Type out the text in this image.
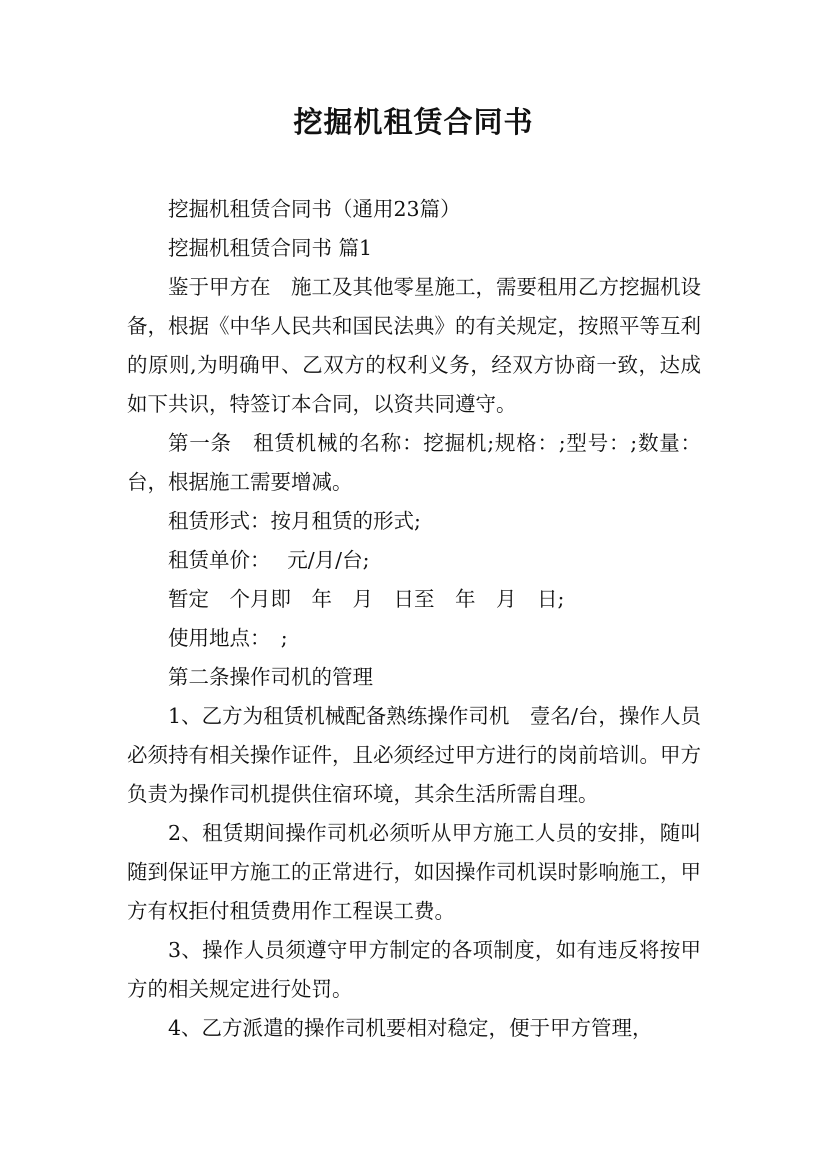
挖掘机租赁合同书

挖掘机租赁合同书（通用23篇）

挖掘机租赁合同书 篇1

鉴于甲方在　施工及其他零星施工，需要租用乙方挖掘机设备，根据《中华人民共和国民法典》的有关规定，按照平等互利的原则,为明确甲、乙双方的权利义务，经双方协商一致，达成如下共识，特签订本合同，以资共同遵守。

第一条　租赁机械的名称：挖掘机;规格：;型号：;数量：台，根据施工需要增减。

租赁形式：按月租赁的形式;

租赁单价：　 元/月/台;

暂定　个月即　年　月　日至　年　月　日;

使用地点：　;

第二条操作司机的管理

1、乙方为租赁机械配备熟练操作司机　壹名/台，操作人员必须持有相关操作证件，且必须经过甲方进行的岗前培训。甲方负责为操作司机提供住宿环境，其余生活所需自理。

2、租赁期间操作司机必须听从甲方施工人员的安排，随叫随到保证甲方施工的正常进行，如因操作司机误时影响施工，甲方有权拒付租赁费用作工程误工费。

3、操作人员须遵守甲方制定的各项制度，如有违反将按甲方的相关规定进行处罚。

4、乙方派遣的操作司机要相对稳定，便于甲方管理，
